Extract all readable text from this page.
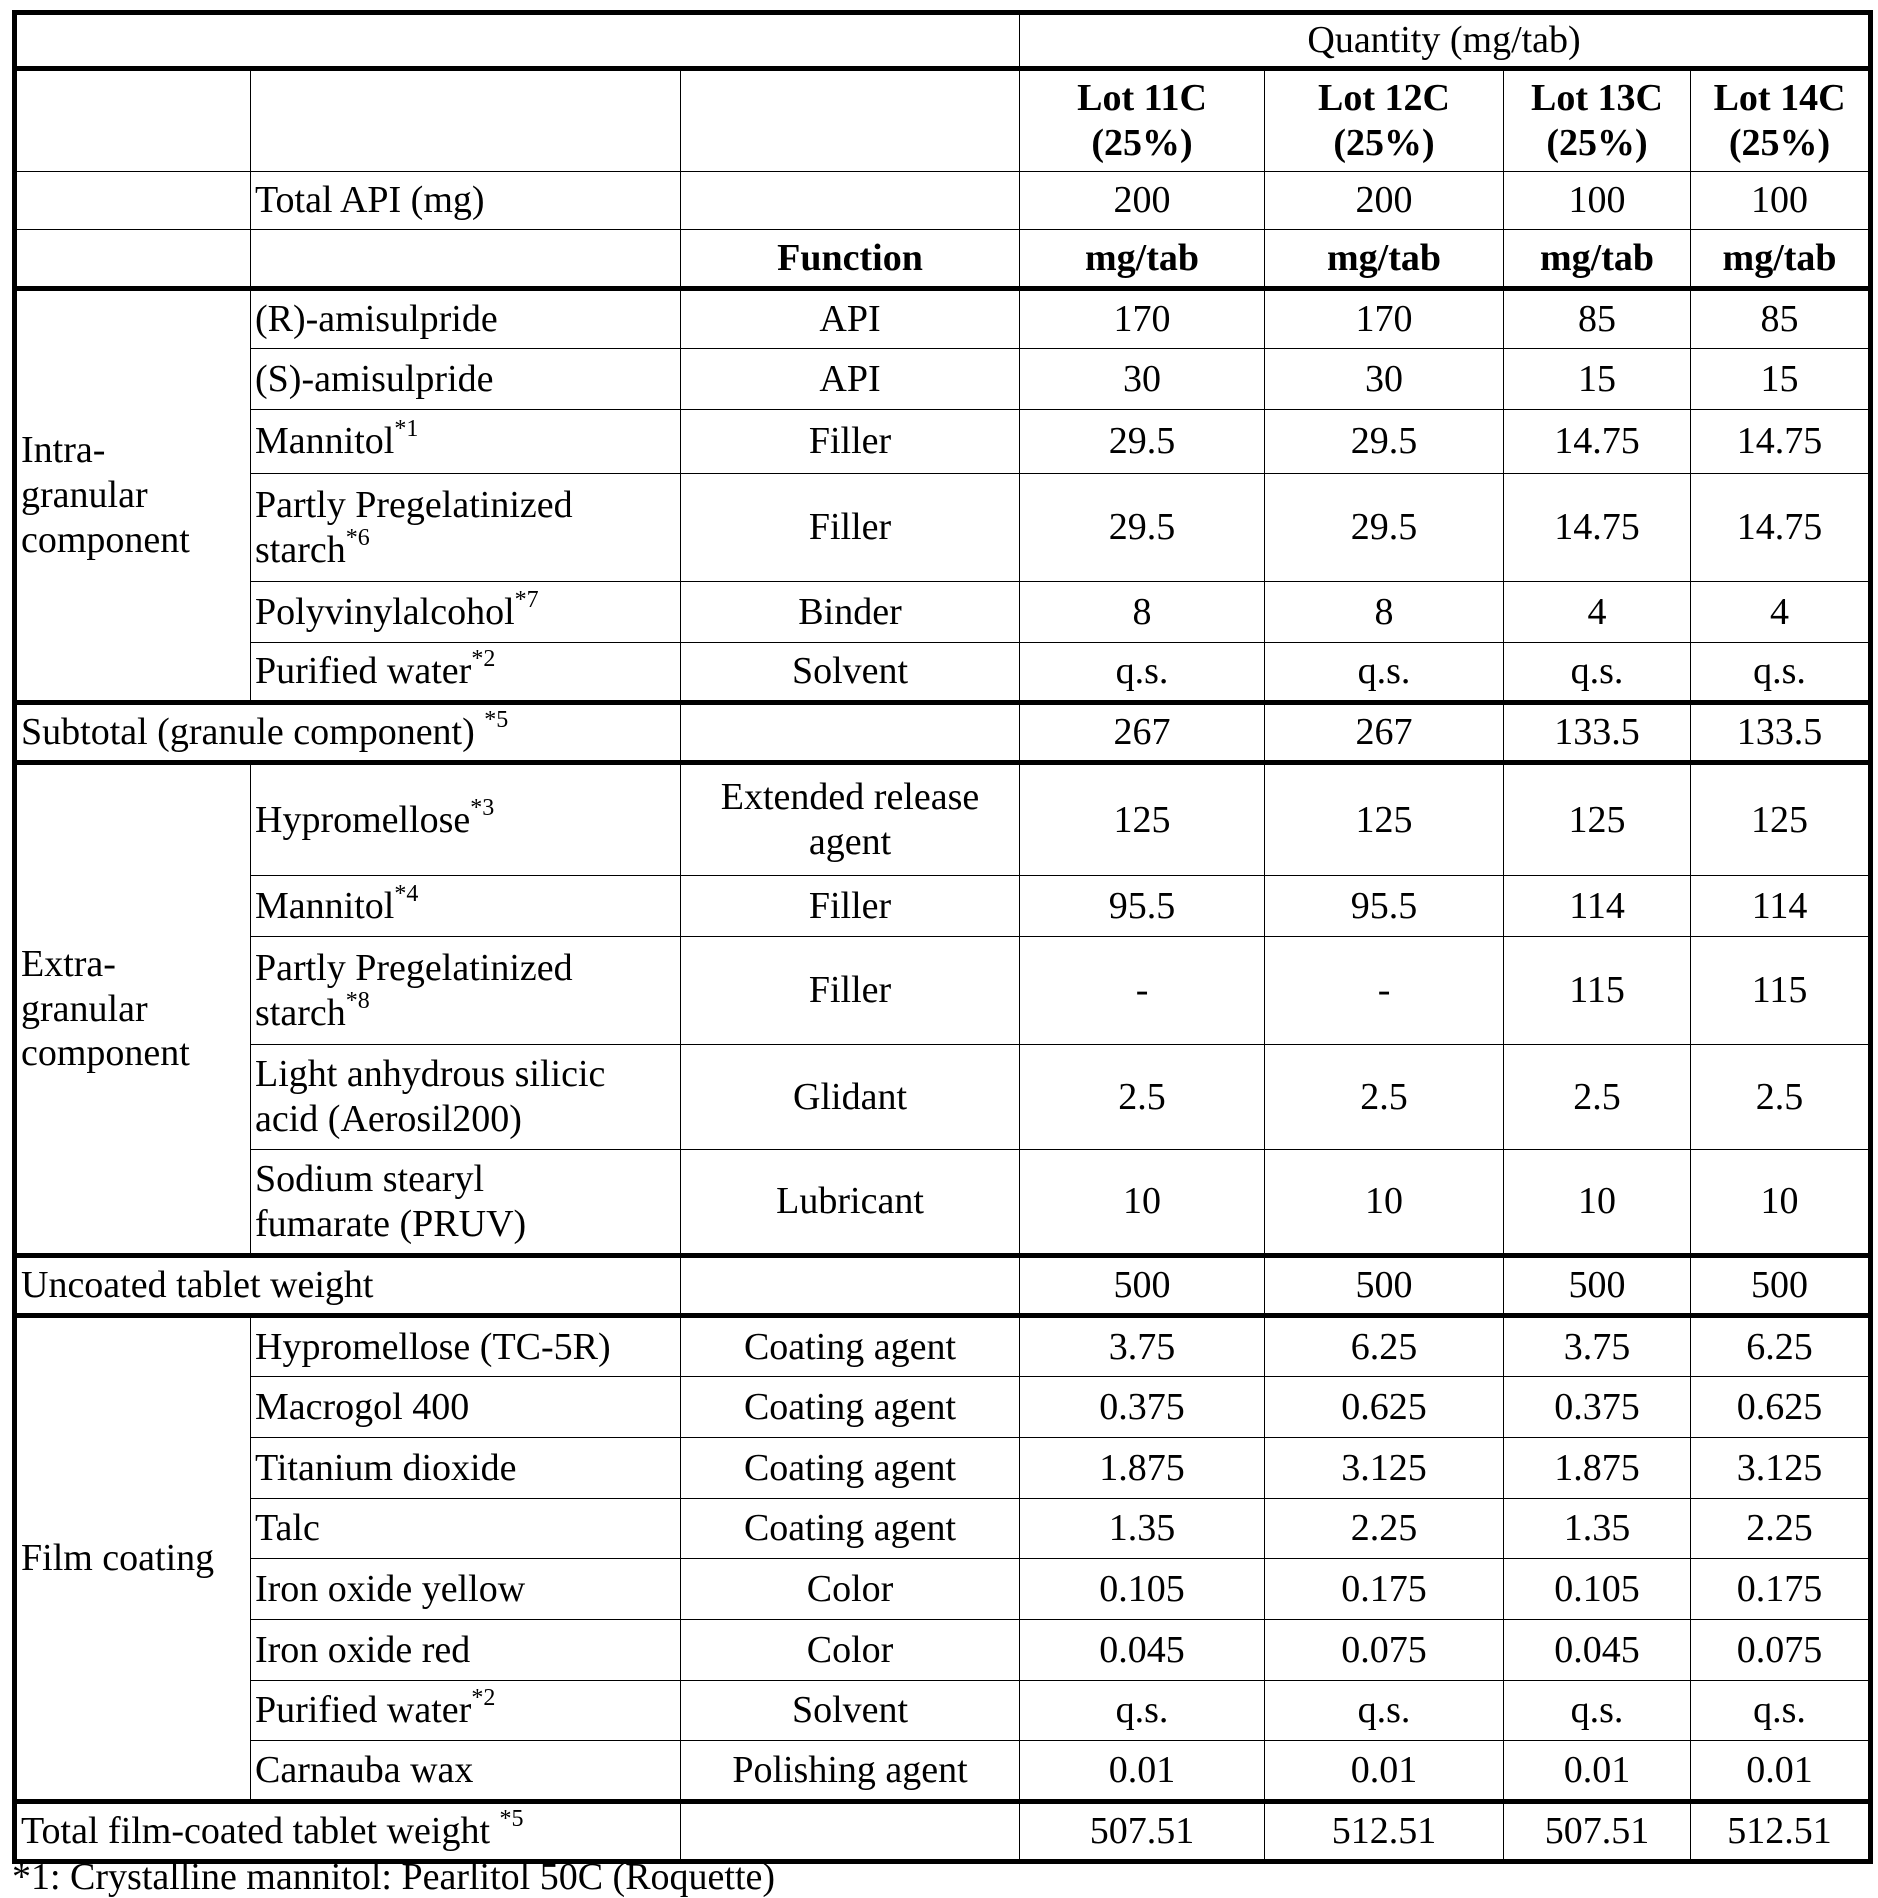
	Quantity (mg/tab)
			Lot 11C
(25%)	Lot 12C
(25%)	Lot 13C
(25%)	Lot 14C
(25%)
	Total API (mg)		200	200	100	100
		Function	mg/tab	mg/tab	mg/tab	mg/tab
Intra-
granular
component	(R)-amisulpride	API	170	170	85	85
(S)-amisulpride	API	30	30	15	15
Mannitol*1	Filler	29.5	29.5	14.75	14.75
Partly Pregelatinized
starch*6	Filler	29.5	29.5	14.75	14.75
Polyvinylalcohol*7	Binder	8	8	4	4
Purified water*2	Solvent	q.s.	q.s.	q.s.	q.s.
Subtotal (granule component) *5		267	267	133.5	133.5
Extra-
granular
component	Hypromellose*3	Extended release
agent	125	125	125	125
Mannitol*4	Filler	95.5	95.5	114	114
Partly Pregelatinized
starch*8	Filler	-	-	115	115
Light anhydrous silicic
acid (Aerosil200)	Glidant	2.5	2.5	2.5	2.5
Sodium stearyl
fumarate (PRUV)	Lubricant	10	10	10	10
Uncoated tablet weight		500	500	500	500
Film coating	Hypromellose (TC-5R)	Coating agent	3.75	6.25	3.75	6.25
Macrogol 400	Coating agent	0.375	0.625	0.375	0.625
Titanium dioxide	Coating agent	1.875	3.125	1.875	3.125
Talc	Coating agent	1.35	2.25	1.35	2.25
Iron oxide yellow	Color	0.105	0.175	0.105	0.175
Iron oxide red	Color	0.045	0.075	0.045	0.075
Purified water*2	Solvent	q.s.	q.s.	q.s.	q.s.
Carnauba wax	Polishing agent	0.01	0.01	0.01	0.01
Total film-coated tablet weight *5		507.51	512.51	507.51	512.51
*1: Crystalline mannitol: Pearlitol 50C (Roquette)
